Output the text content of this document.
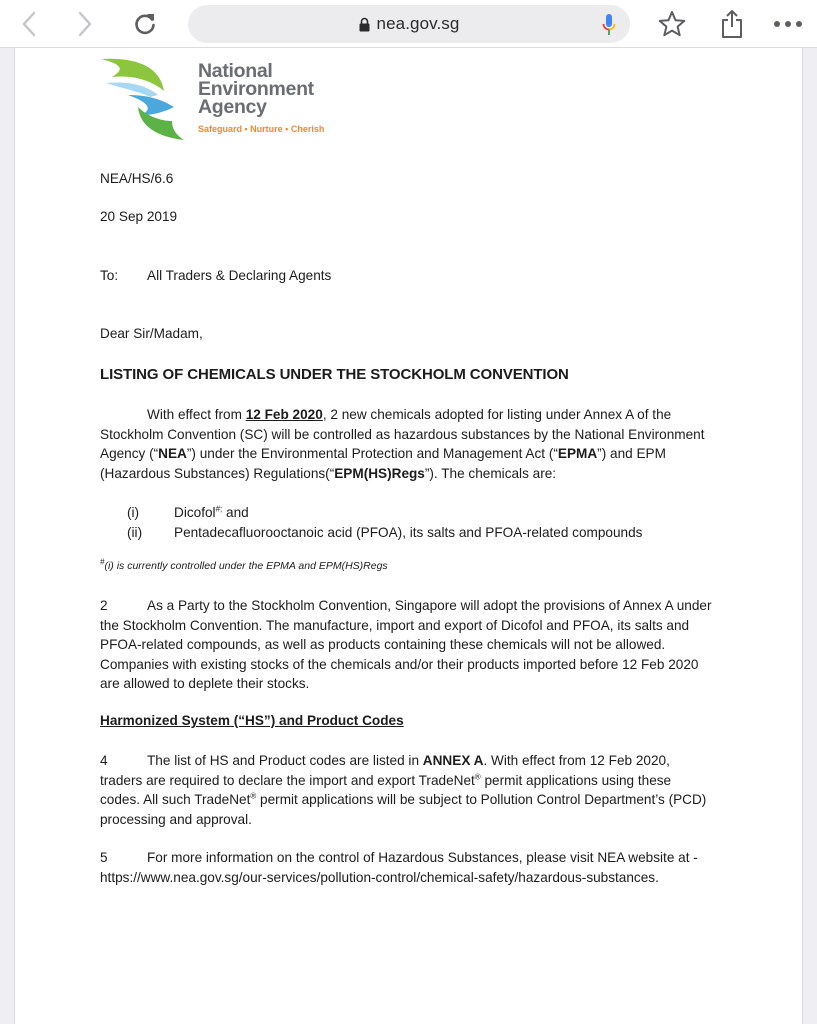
nea.gov.sg
National
Environment
Agency
Safeguard • Nurture • Cherish
NEA/HS/6.6
20 Sep 2019
To: All Traders & Declaring Agents
Dear Sir/Madam,
LISTING OF CHEMICALS UNDER THE STOCKHOLM CONVENTION
With effect from 12 Feb 2020, 2 new chemicals adopted for listing under Annex A of the Stockholm Convention (SC) will be controlled as hazardous substances by the National Environment Agency (“NEA”) under the Environmental Protection and Management Act (“EPMA”) and EPM (Hazardous Substances) Regulations(“EPM(HS)Regs”). The chemicals are:
(i)	Dicofol#; and
(ii)	Pentadecafluorooctanoic acid (PFOA), its salts and PFOA-related compounds
#(i) is currently controlled under the EPMA and EPM(HS)Regs
2	As a Party to the Stockholm Convention, Singapore will adopt the provisions of Annex A under the Stockholm Convention. The manufacture, import and export of Dicofol and PFOA, its salts and PFOA-related compounds, as well as products containing these chemicals will not be allowed. Companies with existing stocks of the chemicals and/or their products imported before 12 Feb 2020 are allowed to deplete their stocks.
Harmonized System (“HS”) and Product Codes
4	The list of HS and Product codes are listed in ANNEX A. With effect from 12 Feb 2020, traders are required to declare the import and export TradeNet® permit applications using these codes. All such TradeNet® permit applications will be subject to Pollution Control Department’s (PCD) processing and approval.
5	For more information on the control of Hazardous Substances, please visit NEA website at - https://www.nea.gov.sg/our-services/pollution-control/chemical-safety/hazardous-substances.
